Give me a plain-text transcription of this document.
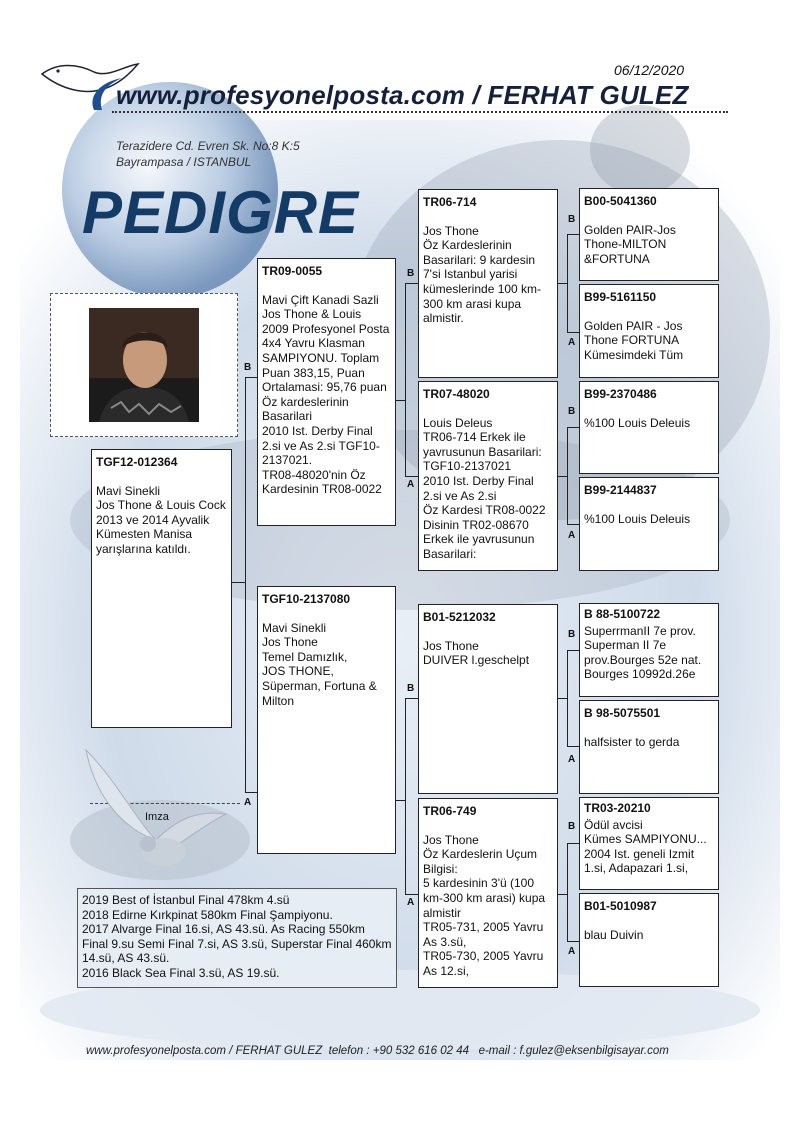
06/12/2020
www.profesyonelposta.com / FERHAT GULEZ
Terazidere Cd. Evren Sk. No:8 K:5
Bayrampasa / ISTANBUL
PEDIGRE
TGF12-012364
Mavi Sinekli
Jos Thone & Louis Cock
2013 ve 2014 Ayvalik Kümesten Manisa yarışlarına katıldı.
B
TR09-0055
Mavi Çift Kanadi Sazli
Jos Thone & Louis
2009 Profesyonel Posta 4x4 Yavru Klasman SAMPIYONU. Toplam Puan 383,15, Puan Ortalamasi: 95,76 puan Öz kardeslerinin Basarilari
2010 Ist. Derby Final 2.si ve As 2.si TGF10-2137021.
TR08-48020'nin Öz Kardesinin TR08-0022
A
TGF10-2137080
Mavi Sinekli
Jos Thone
Temel Damızlık,
JOS THONE, Süperman, Fortuna & Milton
B
TR06-714
Jos Thone
Öz Kardeslerinin Basarilari: 9 kardesin 7'si Istanbul yarisi kümeslerinde 100 km-300 km arasi kupa almistir.
A
TR07-48020
Louis Deleus
TR06-714 Erkek ile yavrusunun Basarilari: TGF10-2137021
2010 Ist. Derby Final 2.si ve As 2.si
Öz Kardesi TR08-0022 Disinin TR02-08670 Erkek ile yavrusunun Basarilari:
B
B01-5212032
Jos Thone
DUIVER l.geschelpt
A
TR06-749
Jos Thone
Öz Kardeslerin Uçum Bilgisi:
5 kardesinin 3'ü (100 km-300 km arasi) kupa almistir
TR05-731, 2005 Yavru As 3.sü,
TR05-730, 2005 Yavru As 12.si,
B
B00-5041360
Golden PAIR-Jos Thone-MILTON &FORTUNA
A
B99-5161150
Golden PAIR - Jos Thone FORTUNA Kümesimdeki Tüm
B
B99-2370486
%100 Louis Deleuis
A
B99-2144837
%100 Louis Deleuis
B
B 88-5100722
SuperrmanII 7e prov. Superman II 7e prov.Bourges 52e nat. Bourges 10992d.26e
A
B 98-5075501
halfsister to gerda
B
TR03-20210
Ödül avcisi
Kümes SAMPIYONU...
2004 Ist. geneli Izmit 1.si, Adapazari 1.si,
A
B01-5010987
blau Duivin
Imza
2019 Best of İstanbul Final 478km 4.sü
2018 Edirne Kırkpinat 580km Final Şampiyonu.
2017 Alvarge Final 16.si, AS 43.sü. As Racing 550km Final 9.su Semi Final 7.si, AS 3.sü, Superstar Final 460km 14.sü, AS 43.sü.
2016 Black Sea Final 3.sü, AS 19.sü.
www.profesyonelposta.com / FERHAT GULEZ  telefon : +90 532 616 02 44   e-mail : f.gulez@eksenbilgisayar.com
